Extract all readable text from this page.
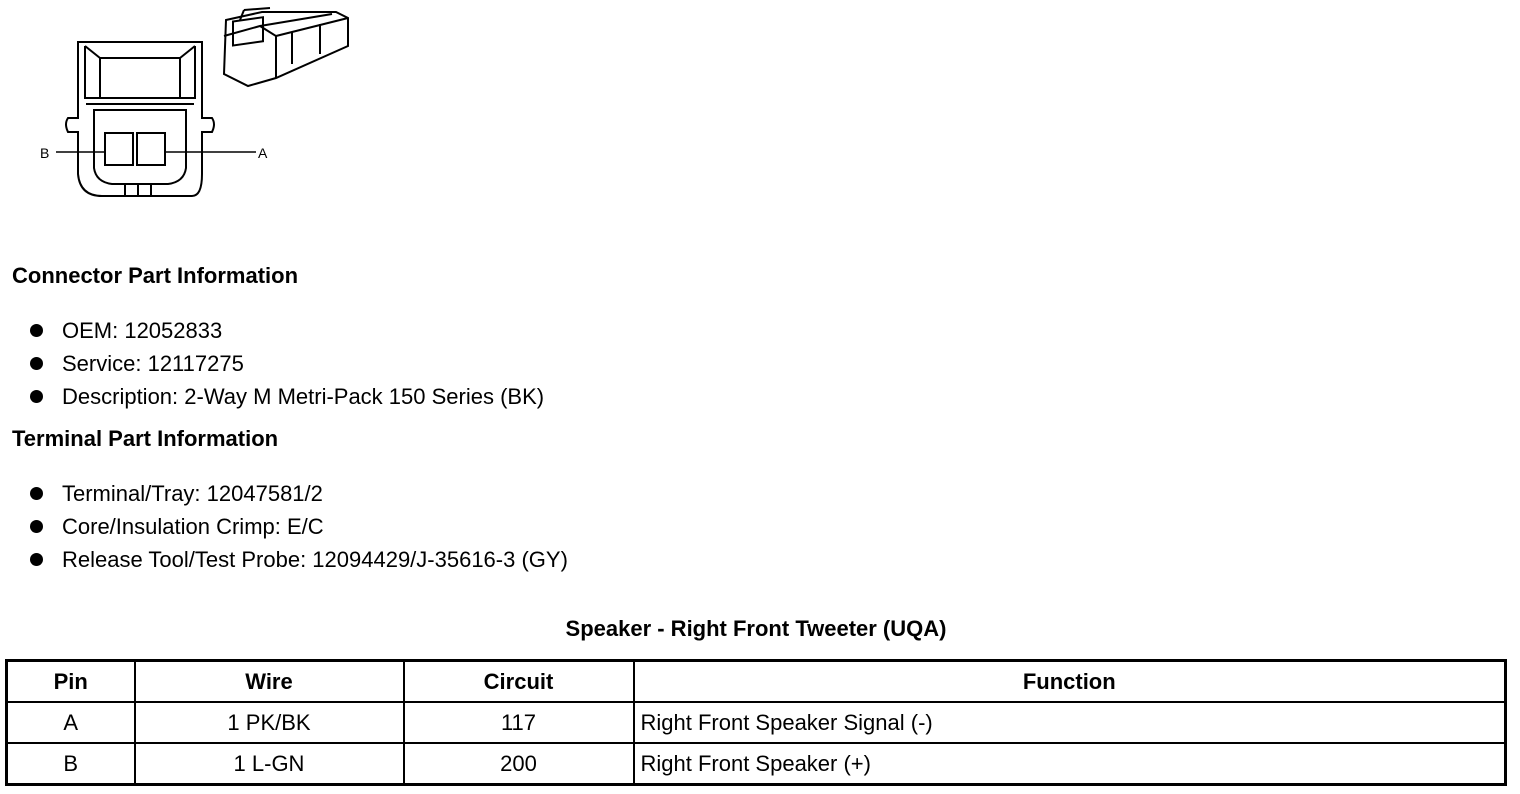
B	A
Connector Part Information
OEM: 12052833
Service: 12117275
Description: 2-Way M Metri-Pack 150 Series (BK)
Terminal Part Information
Terminal/Tray: 12047581/2
Core/Insulation Crimp: E/C
Release Tool/Test Probe: 12094429/J-35616-3 (GY)
Speaker - Right Front Tweeter (UQA)
Pin	Wire	Circuit	Function
A	1 PK/BK	117	Right Front Speaker Signal (-)
B	1 L-GN	200	Right Front Speaker (+)
